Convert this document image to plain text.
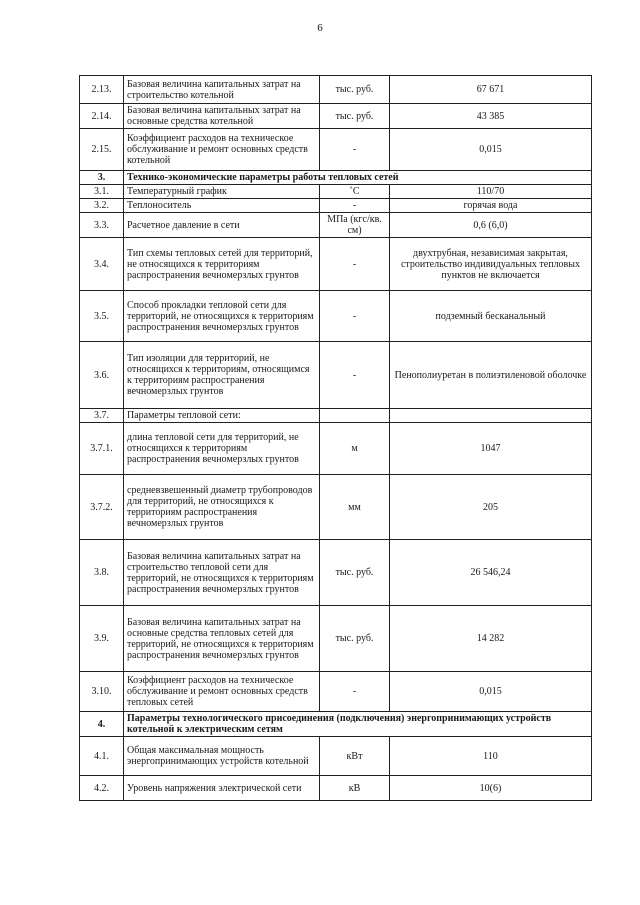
6
2.13.	Базовая величина капитальных затрат на строительство котельной	тыс. руб.	67 671
2.14.	Базовая величина капитальных затрат на основные средства котельной	тыс. руб.	43 385
2.15.	Коэффициент расходов на техническое обслуживание и ремонт основных средств котельной	-	0,015
3.	Технико-экономические параметры работы тепловых сетей		
3.1.	Температурный график	˚С	110/70
3.2.	Теплоноситель	-	горячая вода
3.3.	Расчетное давление в сети	МПа (кгс/кв. см)	0,6 (6,0)
3.4.	Тип схемы тепловых сетей для территорий, не относящихся к территориям распространения вечномерзлых грунтов	-	двухтрубная, независимая закрытая, строительство индивидуальных тепловых пунктов не включается
3.5.	Способ прокладки тепловой сети для территорий, не относящихся к территориям распространения вечномерзлых грунтов	-	подземный бесканальный
3.6.	Тип изоляции для территорий, не относящихся к территориям, относящимся к территориям распространения вечномерзлых грунтов	-	Пенополиуретан в полиэтиленовой оболочке
3.7.	Параметры тепловой сети:		
3.7.1.	длина тепловой сети для территорий, не относящихся к территориям распространения вечномерзлых грунтов	м	1047
3.7.2.	средневзвешенный диаметр трубопроводов для территорий, не относящихся к территориям распространения вечномерзлых грунтов	мм	205
3.8.	Базовая величина капитальных затрат на строительство тепловой сети для территорий, не относящихся к территориям распространения вечномерзлых грунтов	тыс. руб.	26 546,24
3.9.	Базовая величина капитальных затрат на основные средства тепловых сетей для территорий, не относящихся к территориям распространения вечномерзлых грунтов	тыс. руб.	14 282
3.10.	Коэффициент расходов на техническое обслуживание и ремонт основных средств тепловых сетей	-	0,015
4.	Параметры технологического присоединения (подключения) энергопринимающих устройств котельной к электрическим сетям		
4.1.	Общая максимальная мощность энергопринимающих устройств котельной	кВт	110
4.2.	Уровень напряжения электрической сети	кВ	10(6)
